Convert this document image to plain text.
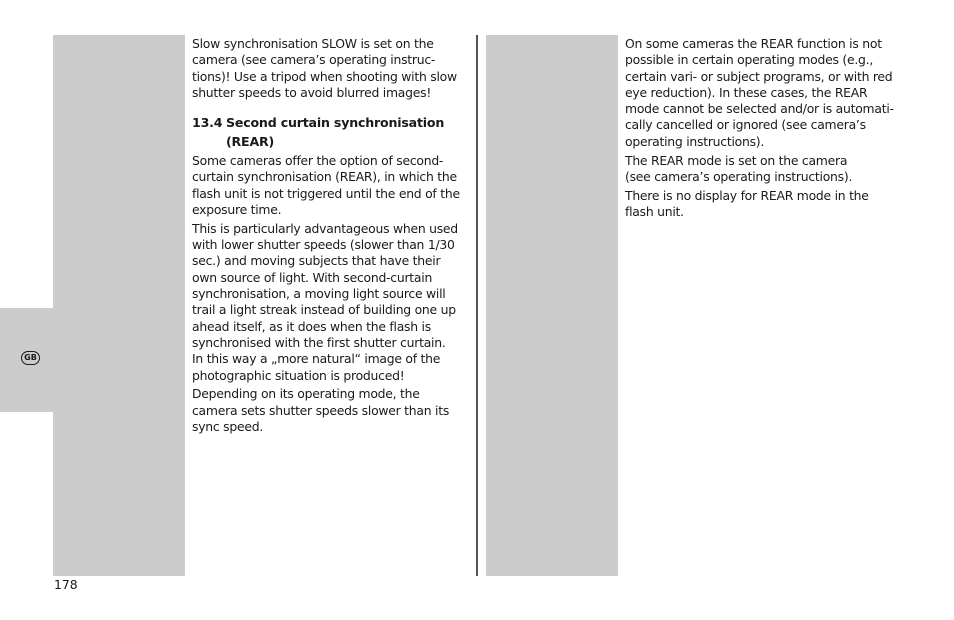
GB

Slow synchronisation SLOW is set on the
camera (see camera’s operating instruc-
tions)! Use a tripod when shooting with slow
shutter speeds to avoid blurred images!

13.4 Second curtain synchronisation
(REAR)

Some cameras offer the option of second-
curtain synchronisation (REAR), in which the
flash unit is not triggered until the end of the
exposure time.

This is particularly advantageous when used
with lower shutter speeds (slower than 1/30
sec.) and moving subjects that have their
own source of light. With second-curtain
synchronisation, a moving light source will
trail a light streak instead of building one up
ahead itself, as it does when the flash is
synchronised with the first shutter curtain.
In this way a „more natural“ image of the
photographic situation is produced!

Depending on its operating mode, the
camera sets shutter speeds slower than its
sync speed.

On some cameras the REAR function is not
possible in certain operating modes (e.g.,
certain vari- or subject programs, or with red
eye reduction). In these cases, the REAR
mode cannot be selected and/or is automati-
cally cancelled or ignored (see camera’s
operating instructions).

The REAR mode is set on the camera
(see camera’s operating instructions).

There is no display for REAR mode in the
flash unit.

178
